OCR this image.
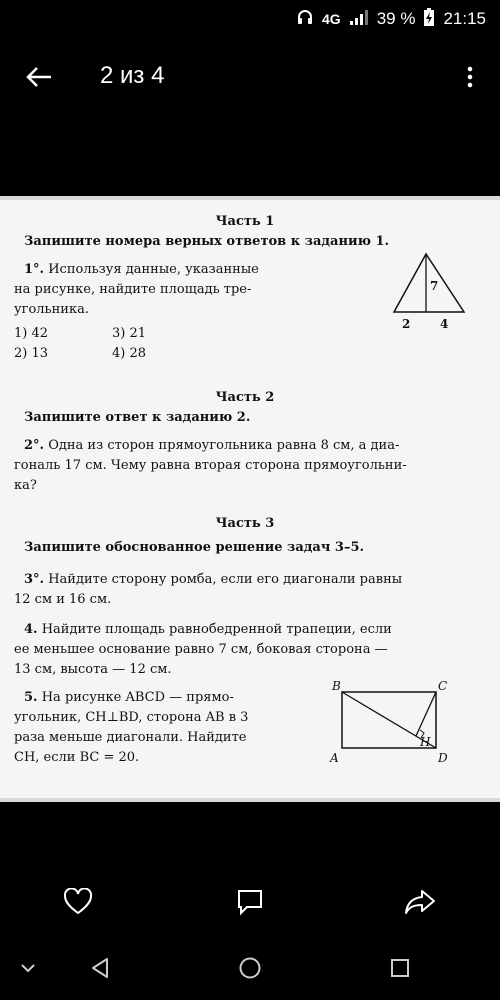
4G 39 % 21:15
2 из 4
Часть 1
Запишите номера верных ответов к заданию 1.
1°. Используя данные, указанные
на рисунке, найдите площадь тре-
угольника.
1) 42	3) 21
2) 13	4) 28
7
2 4
Часть 2
Запишите ответ к заданию 2.
2°. Одна из сторон прямоугольника равна 8 см, а диа-
гональ 17 см. Чему равна вторая сторона прямоугольни-
ка?
Часть 3
Запишите обоснованное решение задач 3–5.
3°. Найдите сторону ромба, если его диагонали равны
12 см и 16 см.
4. Найдите площадь равнобедренной трапеции, если
ее меньшее основание равно 7 см, боковая сторона —
13 см, высота — 12 см.
5. На рисунке ABCD — прямо-
угольник, CH⊥BD, сторона AB в 3
раза меньше диагонали. Найдите
CH, если BC = 20.
B	C
A	D
H
